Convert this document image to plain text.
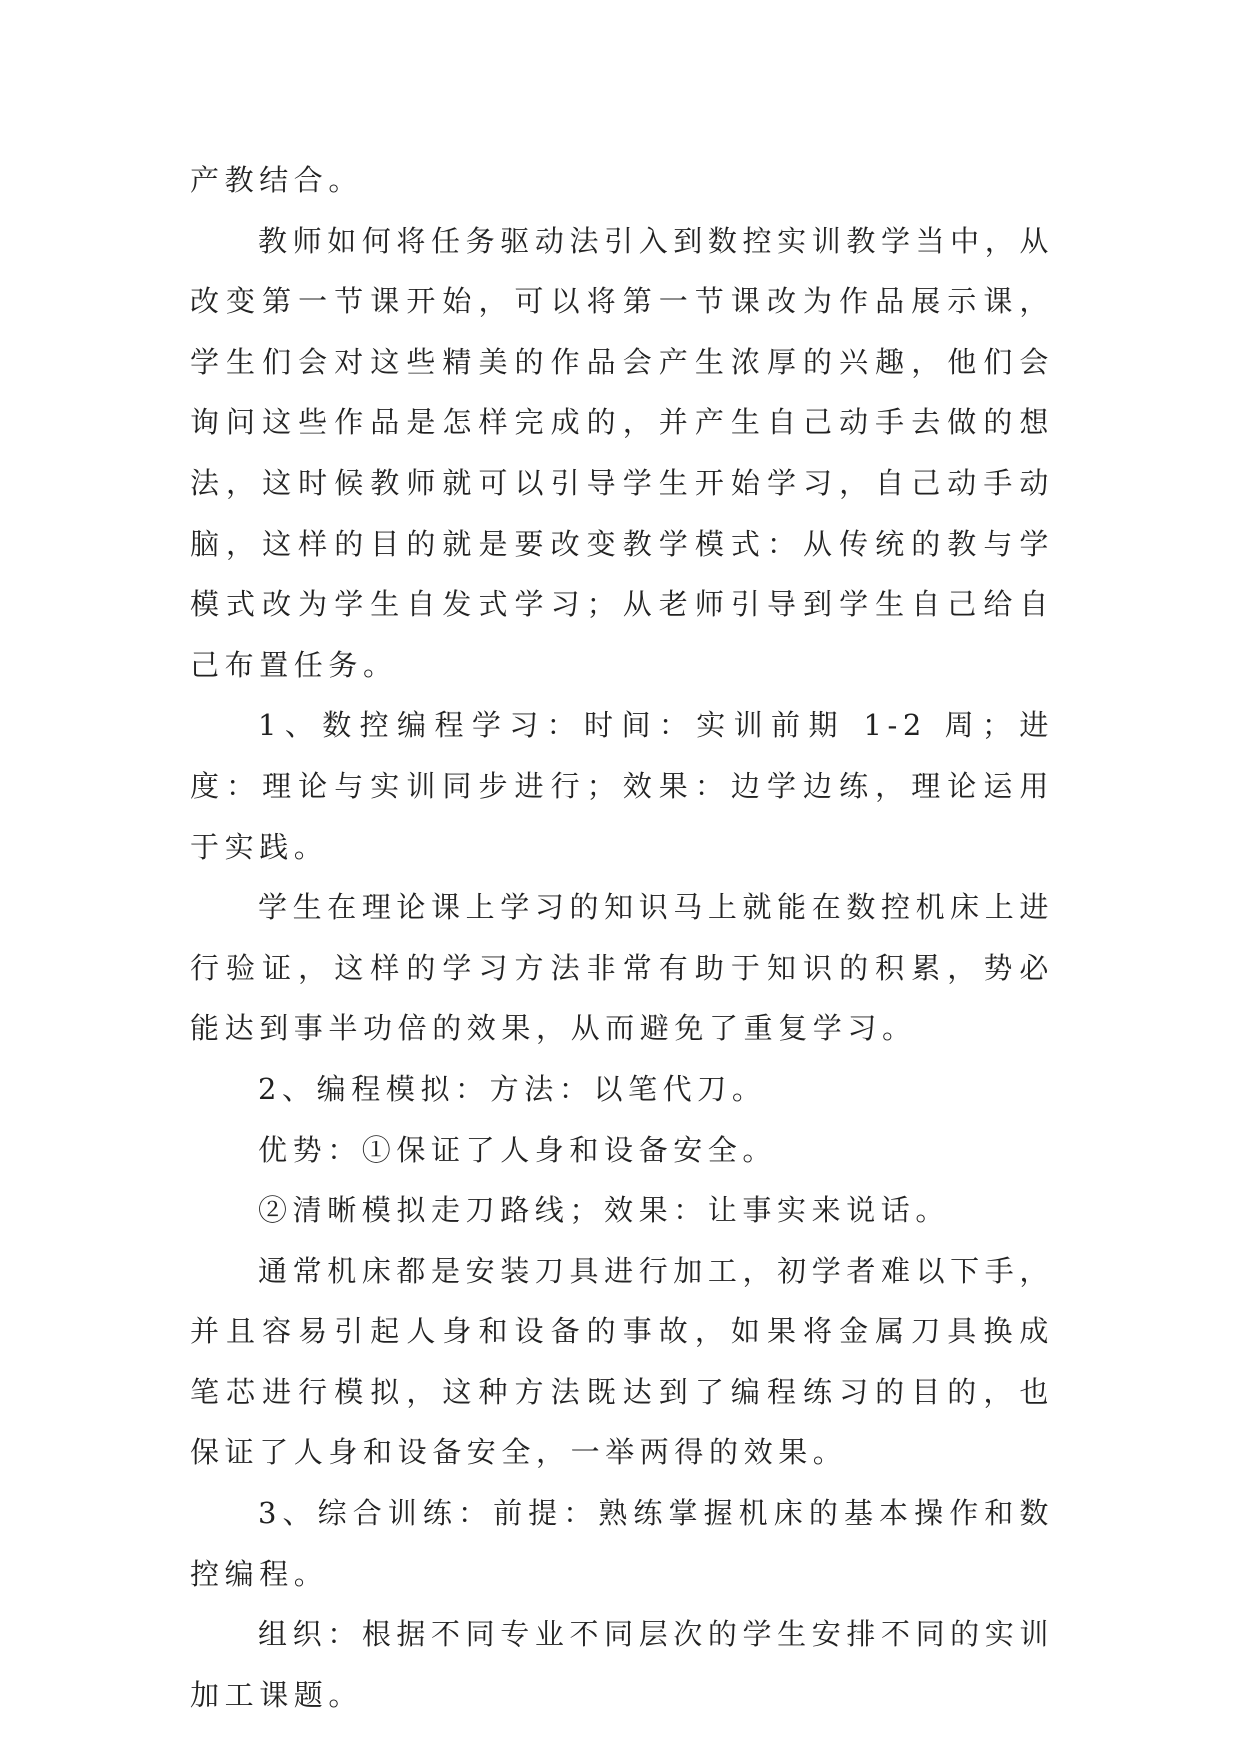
产教结合。

教师如何将任务驱动法引入到数控实训教学当中，从改变第一节课开始，可以将第一节课改为作品展示课，学生们会对这些精美的作品会产生浓厚的兴趣，他们会询问这些作品是怎样完成的，并产生自己动手去做的想法，这时候教师就可以引导学生开始学习，自己动手动脑，这样的目的就是要改变教学模式：从传统的教与学模式改为学生自发式学习；从老师引导到学生自己给自己布置任务。

1、数控编程学习：时间：实训前期 1-2 周；进度：理论与实训同步进行；效果：边学边练，理论运用于实践。

学生在理论课上学习的知识马上就能在数控机床上进行验证，这样的学习方法非常有助于知识的积累，势必能达到事半功倍的效果，从而避免了重复学习。

2、编程模拟：方法：以笔代刀。

优势：①保证了人身和设备安全。

②清晰模拟走刀路线；效果：让事实来说话。

通常机床都是安装刀具进行加工，初学者难以下手，并且容易引起人身和设备的事故，如果将金属刀具换成笔芯进行模拟，这种方法既达到了编程练习的目的，也保证了人身和设备安全，一举两得的效果。

3、综合训练：前提：熟练掌握机床的基本操作和数控编程。

组织：根据不同专业不同层次的学生安排不同的实训加工课题。
